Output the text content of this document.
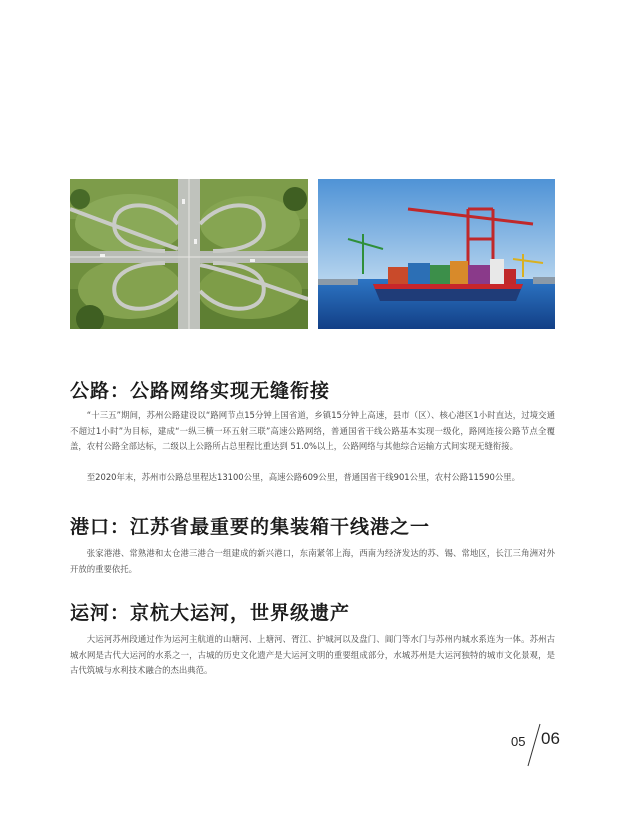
公路：公路网络实现无缝衔接

“十三五”期间，苏州公路建设以“路网节点15分钟上国省道，乡镇15分钟上高速，县市（区）、核心港区1小时直达，过境交通不超过1小时”为目标，建成“一纵三横一环五射三联”高速公路网络，普通国省干线公路基本实现一级化，路网连接公路节点全覆盖，农村公路全部达标，二级以上公路所占总里程比重达到 51.0%以上，公路网络与其他综合运输方式间实现无缝衔接。

至2020年末，苏州市公路总里程达13100公里，高速公路609公里，普通国省干线901公里，农村公路11590公里。

港口：江苏省最重要的集装箱干线港之一

张家港港、常熟港和太仓港三港合一组建成的新兴港口，东南紧邻上海，西南为经济发达的苏、锡、常地区，长江三角洲对外开放的重要依托。

运河：京杭大运河，世界级遗产

大运河苏州段通过作为运河主航道的山塘河、上塘河、胥江、护城河以及盘门、阊门等水门与苏州内城水系连为一体。苏州古城水网是古代大运河的水系之一，古城的历史文化遗产是大运河文明的重要组成部分，水城苏州是大运河独特的城市文化景观，是古代筑城与水利技术融合的杰出典范。

05 06
